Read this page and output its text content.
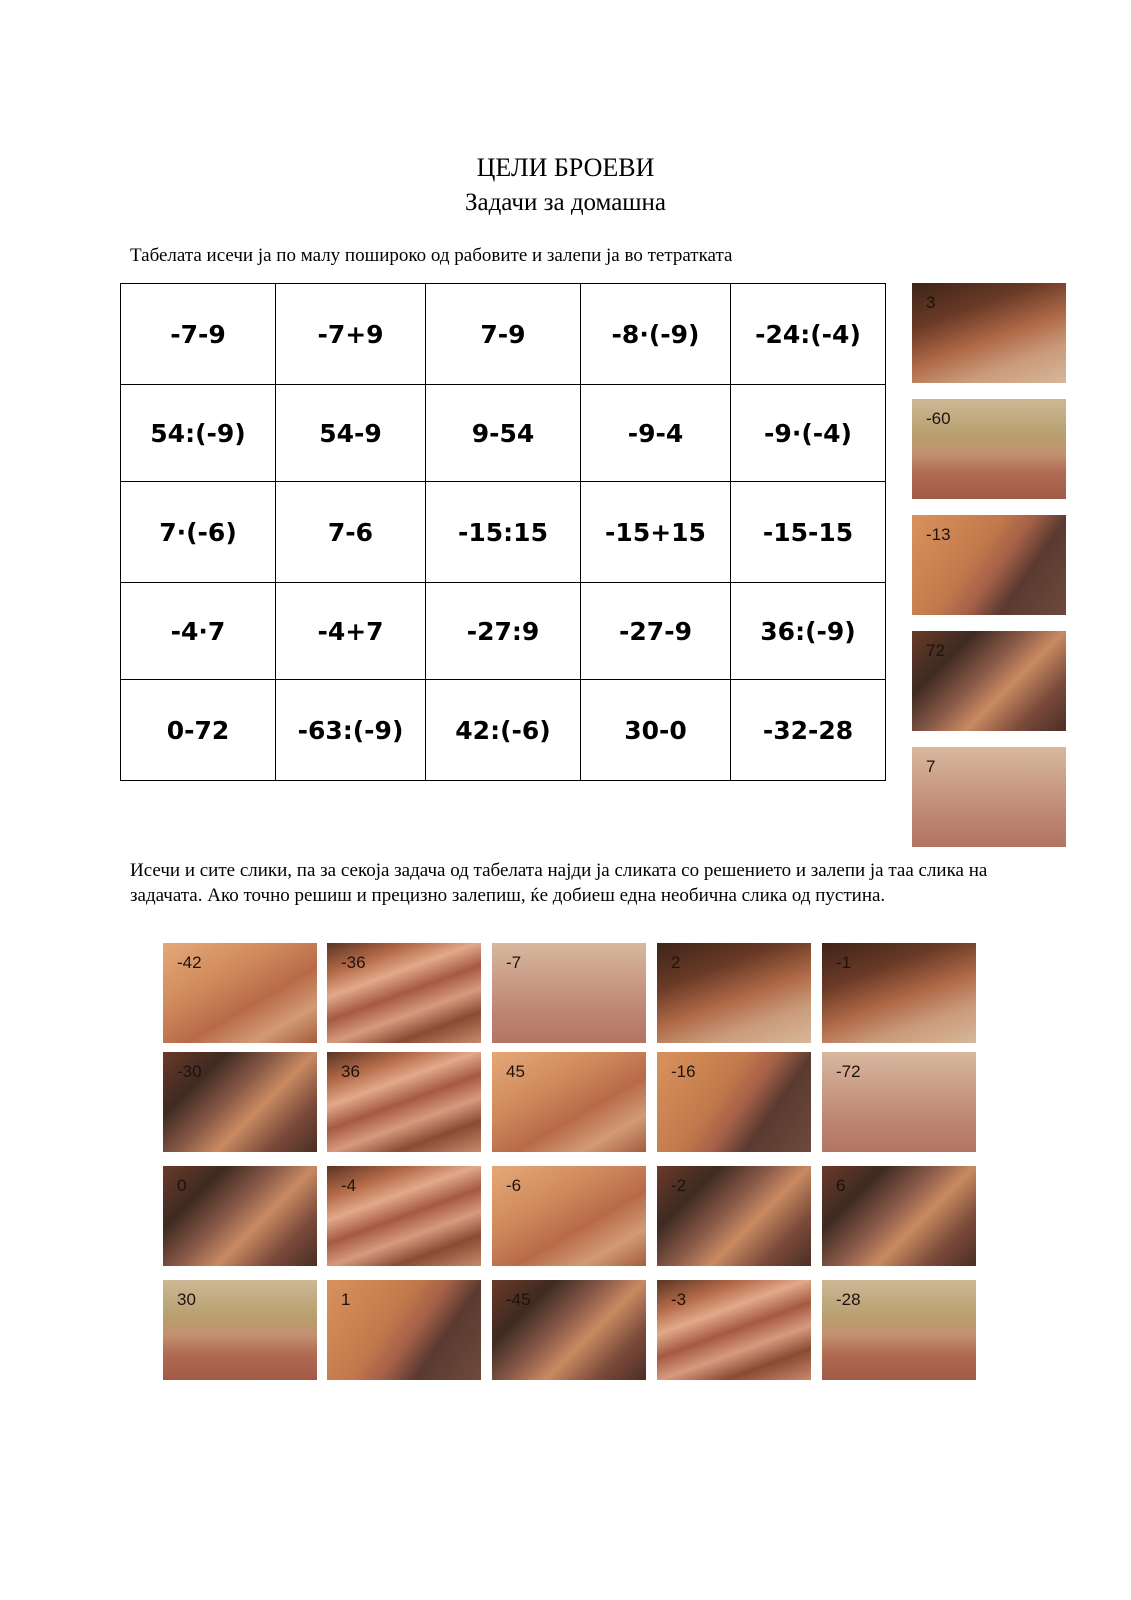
ЦЕЛИ БРОЕВИ
Задачи за домашна

Табелата исечи ја по малу пошироко од рабовите и залепи ја во тетратката

-7-9	-7+9	7-9	-8·(-9)	-24:(-4)
54:(-9)	54-9	9-54	-9-4	-9·(-4)
7·(-6)	7-6	-15:15	-15+15	-15-15
-4·7	-4+7	-27:9	-27-9	36:(-9)
0-72	-63:(-9)	42:(-6)	30-0	-32-28
3
-60
-13
72
7

Исечи и сите слики, па за секоја задача од табелата најди ја сликата со решението и залепи ја таа слика на задачата. Ако точно решиш и прецизно залепиш, ќе добиеш една необична слика од пустина.

-42	-36	-7	2	-1
-30	36	45	-16	-72
0	-4	-6	-2	6
30	1	-45	-3	-28
